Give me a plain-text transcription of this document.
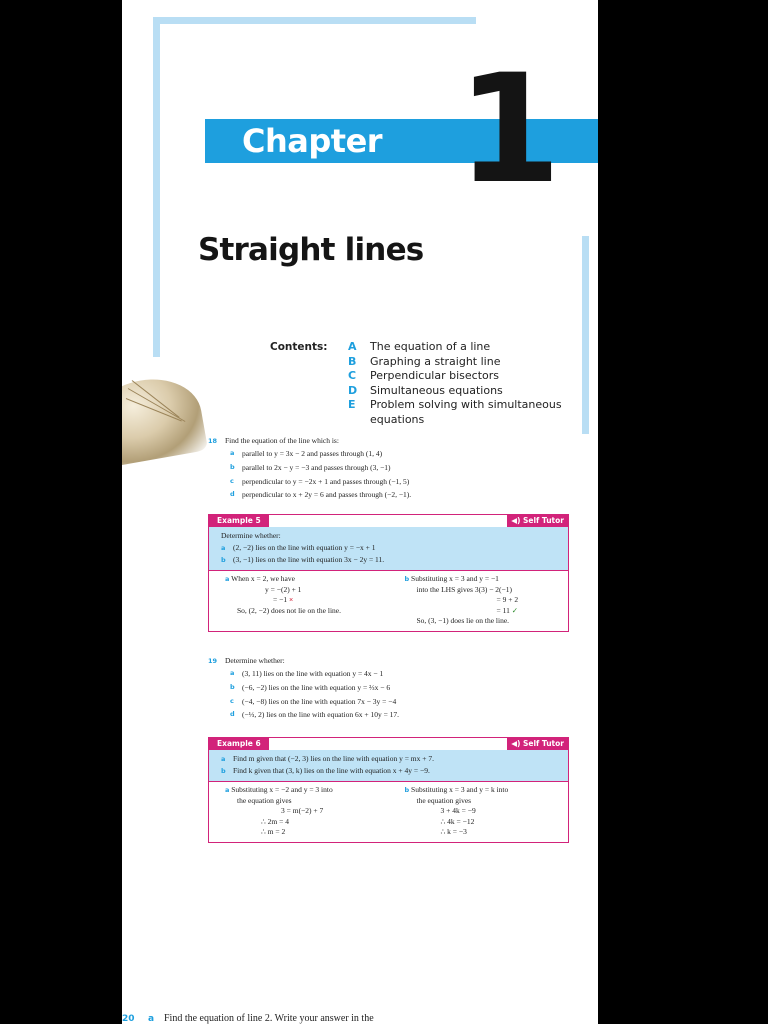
Chapter 1
Straight lines
Contents: A	The equation of a line
B	Graphing a straight line
C	Perpendicular bisectors
D	Simultaneous equations
E	Problem solving with simultaneous equations
18	Find the equation of the line which is:
a	parallel to y = 3x − 2 and passes through (1, 4)
b parallel to 2x − y = −3 and passes through (3, −1)
c	perpendicular to y = −2x + 1 and passes through (−1, 5)
d perpendicular to x + 2y = 6 and passes through (−2, −1).
Example 5	◀) Self Tutor
Determine whether:
a	(2, −2) lies on the line with equation y = −x + 1
b (3, −1) lies on the line with equation 3x − 2y = 11.
a When x = 2, we have
y = −(2) + 1
= −1 ×
So, (2, −2) does not lie on the line.
b Substituting x = 3 and y = −1
into the LHS gives 3(3) − 2(−1)
= 9 + 2
= 11 ✓
So, (3, −1) does lie on the line.
19	Determine whether:
a	(3, 11) lies on the line with equation y = 4x − 1
b (−6, −2) lies on the line with equation y = ⅔x − 6
c	(−4, −8) lies on the line with equation 7x − 3y = −4
d (−⅓, 2) lies on the line with equation 6x + 10y = 17.
Example 6	◀) Self Tutor
a	Find m given that (−2, 3) lies on the line with equation y = mx + 7.
b Find k given that (3, k) lies on the line with equation x + 4y = −9.
a Substituting x = −2 and y = 3 into
the equation gives
3 = m(−2) + 7
∴ 2m = 4
∴ m = 2
b Substituting x = 3 and y = k into
the equation gives
3 + 4k = −9
∴ 4k = −12
∴ k = −3
20 a Find the equation of line 2. Write your answer in the
